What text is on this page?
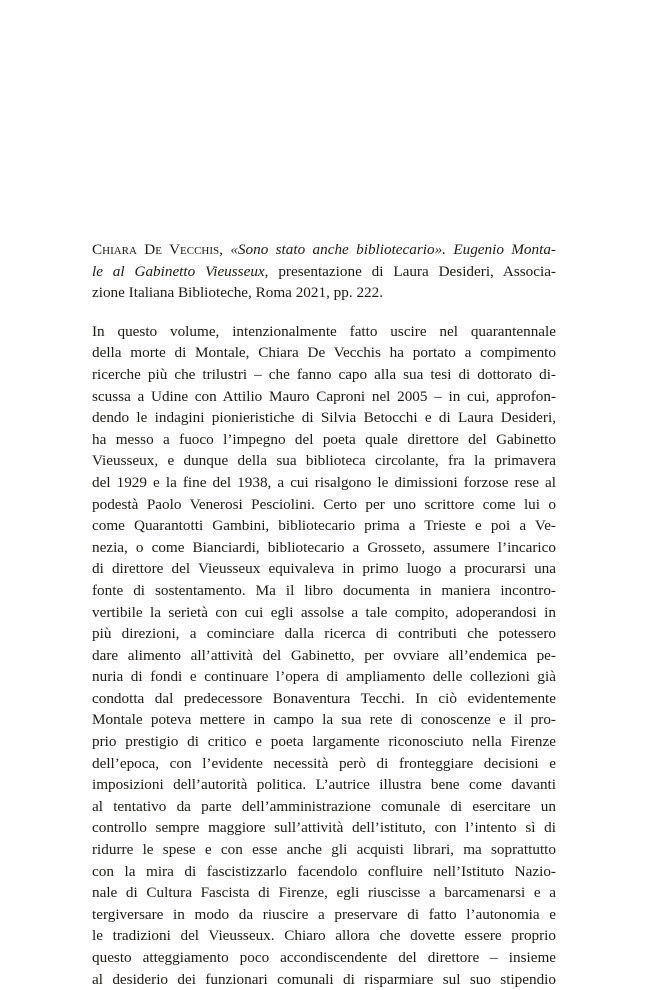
Chiara De Vecchis, «Sono stato anche bibliotecario». Eugenio Monta-
le al Gabinetto Vieusseux, presentazione di Laura Desideri, Associa-
zione Italiana Biblioteche, Roma 2021, pp. 222.
In questo volume, intenzionalmente fatto uscire nel quarantennale
della morte di Montale, Chiara De Vecchis ha portato a compimento
ricerche più che trilustri – che fanno capo alla sua tesi di dottorato di-
scussa a Udine con Attilio Mauro Caproni nel 2005 – in cui, approfon-
dendo le indagini pionieristiche di Silvia Betocchi e di Laura Desideri,
ha messo a fuoco l’impegno del poeta quale direttore del Gabinetto
Vieusseux, e dunque della sua biblioteca circolante, fra la primavera
del 1929 e la fine del 1938, a cui risalgono le dimissioni forzose rese al
podestà Paolo Venerosi Pesciolini. Certo per uno scrittore come lui o
come Quarantotti Gambini, bibliotecario prima a Trieste e poi a Ve-
nezia, o come Bianciardi, bibliotecario a Grosseto, assumere l’incarico
di direttore del Vieusseux equivaleva in primo luogo a procurarsi una
fonte di sostentamento. Ma il libro documenta in maniera incontro-
vertibile la serietà con cui egli assolse a tale compito, adoperandosi in
più direzioni, a cominciare dalla ricerca di contributi che potessero
dare alimento all’attività del Gabinetto, per ovviare all’endemica pe-
nuria di fondi e continuare l’opera di ampliamento delle collezioni già
condotta dal predecessore Bonaventura Tecchi. In ciò evidentemente
Montale poteva mettere in campo la sua rete di conoscenze e il pro-
prio prestigio di critico e poeta largamente riconosciuto nella Firenze
dell’epoca, con l’evidente necessità però di fronteggiare decisioni e
imposizioni dell’autorità politica. L’autrice illustra bene come davanti
al tentativo da parte dell’amministrazione comunale di esercitare un
controllo sempre maggiore sull’attività dell’istituto, con l’intento sì di
ridurre le spese e con esse anche gli acquisti librari, ma soprattutto
con la mira di fascistizzarlo facendolo confluire nell’Istituto Nazio-
nale di Cultura Fascista di Firenze, egli riuscisse a barcamenarsi e a
tergiversare in modo da riuscire a preservare di fatto l’autonomia e
le tradizioni del Vieusseux. Chiaro allora che dovette essere proprio
questo atteggiamento poco accondiscendente del direttore – insieme
al desiderio dei funzionari comunali di risparmiare sul suo stipendio
